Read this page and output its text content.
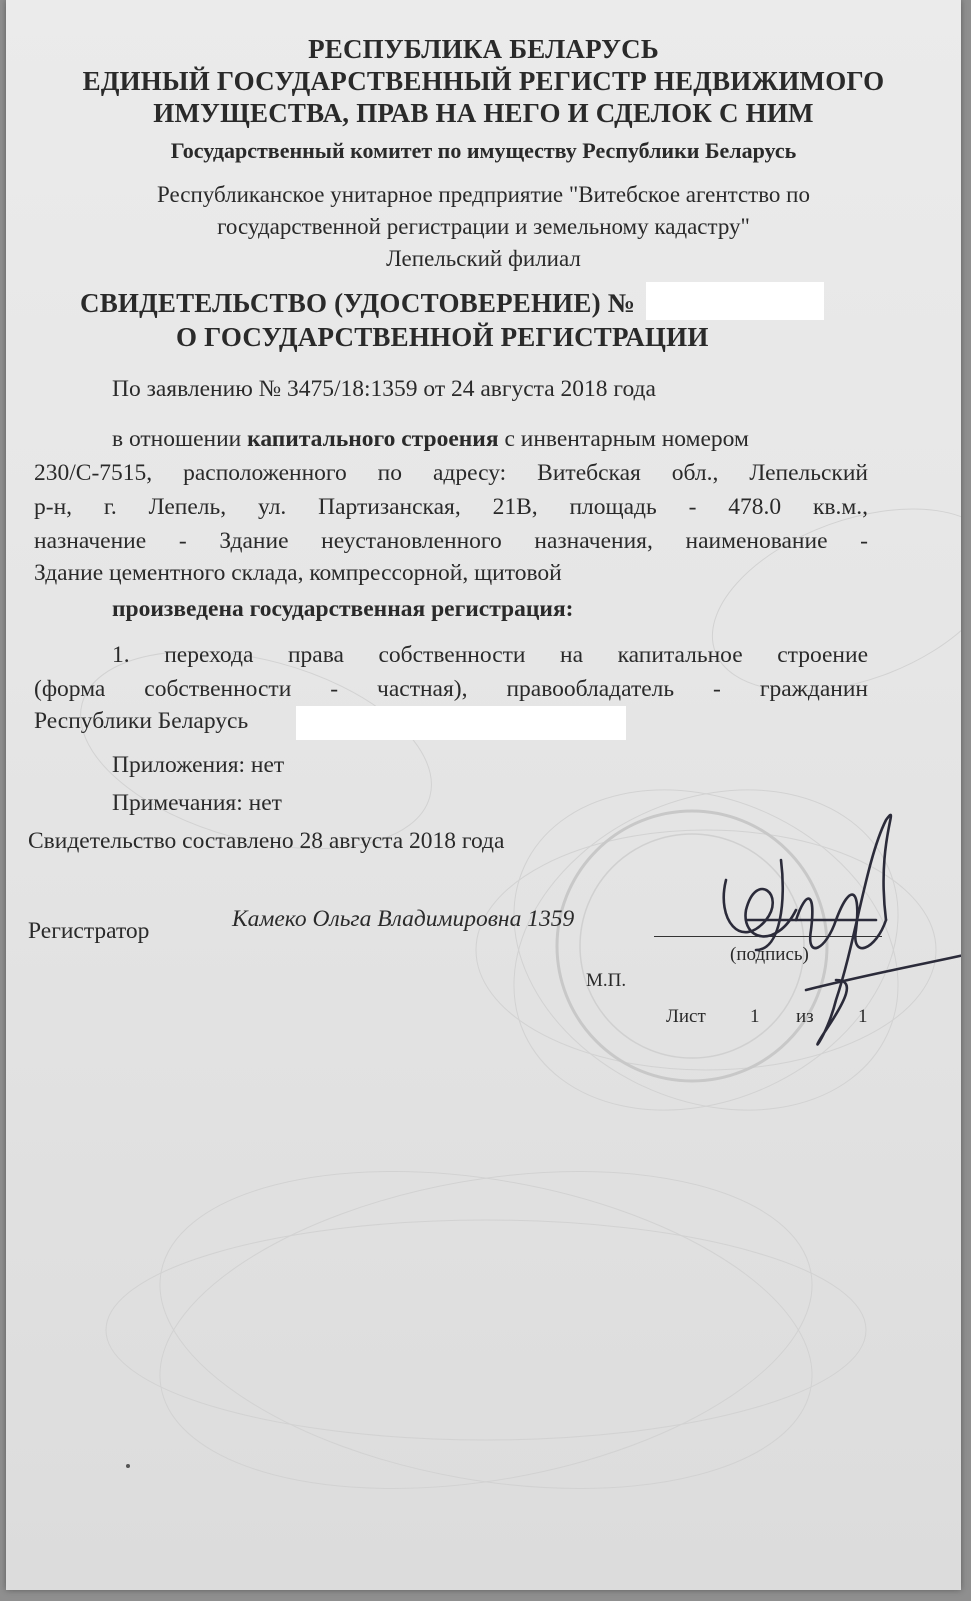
РЕСПУБЛИКА БЕЛАРУСЬ
ЕДИНЫЙ ГОСУДАРСТВЕННЫЙ РЕГИСТР НЕДВИЖИМОГО
ИМУЩЕСТВА, ПРАВ НА НЕГО И СДЕЛОК С НИМ
Государственный комитет по имуществу Республики Беларусь
Республиканское унитарное предприятие "Витебское агентство по
государственной регистрации и земельному кадастру"
Лепельский филиал
СВИДЕТЕЛЬСТВО (УДОСТОВЕРЕНИЕ) №
О ГОСУДАРСТВЕННОЙ РЕГИСТРАЦИИ
По заявлению № 3475/18:1359 от 24 августа 2018 года
в отношении капитального строения с инвентарным номером
230/С-7515, расположенного по адресу: Витебская обл., Лепельский
р-н, г. Лепель, ул. Партизанская, 21В, площадь - 478.0 кв.м.,
назначение - Здание неустановленного назначения, наименование -
Здание цементного склада, компрессорной, щитовой
произведена государственная регистрация:
1. перехода права собственности на капитальное строение
(форма собственности - частная), правообладатель - гражданин
Республики Беларусь
Приложения: нет
Примечания: нет
Свидетельство составлено 28 августа 2018 года
Регистратор	Камеко Ольга Владимировна 1359
(подпись)
М.П.
Лист 1 из 1
